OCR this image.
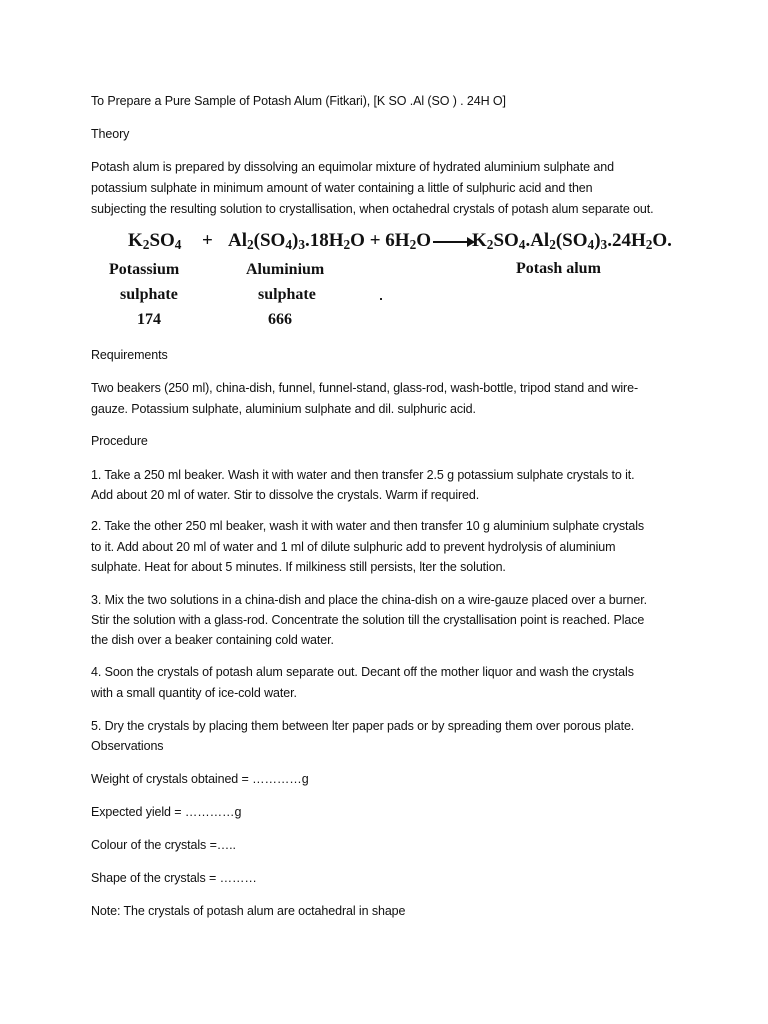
To Prepare a Pure Sample of Potash Alum (Fitkari), [K SO .Al (SO ) . 24H O]
Theory
Potash alum is prepared by dissolving an equimolar mixture of hydrated aluminium sulphate and
potassium sulphate in minimum amount of water containing a little of sulphuric acid and then
subjecting the resulting solution to crystallisation, when octahedral crystals of potash alum separate out.
$K_2SO_4 + Al_2(SO_4)_3.18H_2O + 6H_2O \to K_2SO_4.Al_2(SO_4)_3.24H_2O$.
Potassium
sulphate
174
Aluminium
sulphate
666
Potash alum
Requirements
Two beakers (250 ml), china-dish, funnel, funnel-stand, glass-rod, wash-bottle, tripod stand and wire-
gauze. Potassium sulphate, aluminium sulphate and dil. sulphuric acid.
Procedure
1. Take a 250 ml beaker. Wash it with water and then transfer 2.5 g potassium sulphate crystals to it.
Add about 20 ml of water. Stir to dissolve the crystals. Warm if required.
2. Take the other 250 ml beaker, wash it with water and then transfer 10 g aluminium sulphate crystals
to it. Add about 20 ml of water and 1 ml of dilute sulphuric add to prevent hydrolysis of aluminium
sulphate. Heat for about 5 minutes. If milkiness still persists, lter the solution.
3. Mix the two solutions in a china-dish and place the china-dish on a wire-gauze placed over a burner.
Stir the solution with a glass-rod. Concentrate the solution till the crystallisation point is reached. Place
the dish over a beaker containing cold water.
4. Soon the crystals of potash alum separate out. Decant off the mother liquor and wash the crystals
with a small quantity of ice-cold water.
5. Dry the crystals by placing them between lter paper pads or by spreading them over porous plate.
Observations
Weight of crystals obtained = …………g
Expected yield = …………g
Colour of the crystals =…..
Shape of the crystals = ………
Note: The crystals of potash alum are octahedral in shape
